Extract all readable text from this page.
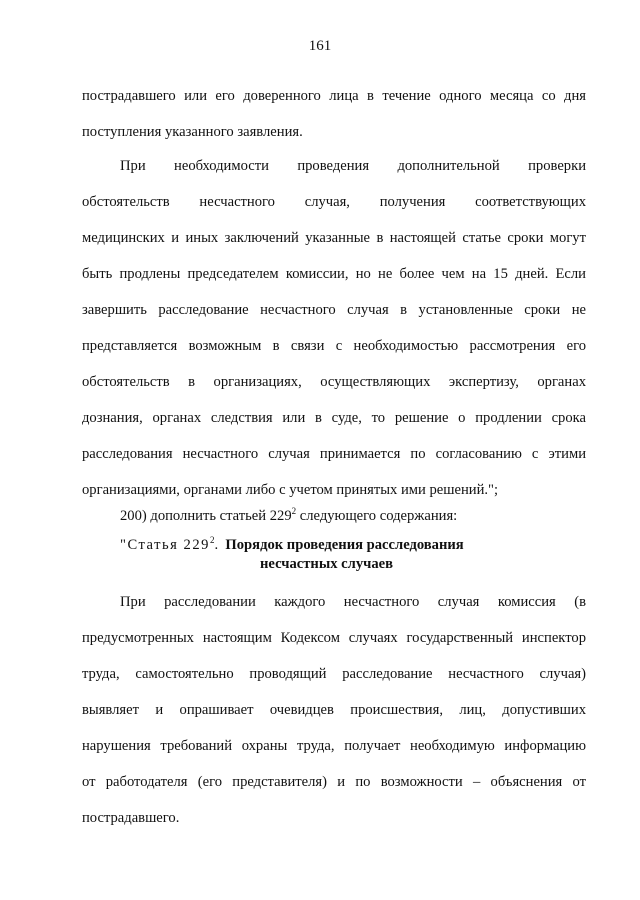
161
пострадавшего или его доверенного лица в течение одного месяца со дня
поступления указанного заявления.
При необходимости проведения дополнительной проверки
обстоятельств несчастного случая, получения соответствующих
медицинских и иных заключений указанные в настоящей статье сроки могут
быть продлены председателем комиссии, но не более чем на 15 дней. Если
завершить расследование несчастного случая в установленные сроки не
представляется возможным в связи с необходимостью рассмотрения его
обстоятельств в организациях, осуществляющих экспертизу, органах
дознания, органах следствия или в суде, то решение о продлении срока
расследования несчастного случая принимается по согласованию с этими
организациями, органами либо с учетом принятых ими решений.";
200) дополнить статьей $229^2$ следующего содержания:
"Статья $229^2$. Порядок проведения расследования
несчастных случаев
При расследовании каждого несчастного случая комиссия (в
предусмотренных настоящим Кодексом случаях государственный инспектор
труда, самостоятельно проводящий расследование несчастного случая)
выявляет и опрашивает очевидцев происшествия, лиц, допустивших
нарушения требований охраны труда, получает необходимую информацию
от работодателя (его представителя) и по возможности – объяснения от
пострадавшего.
